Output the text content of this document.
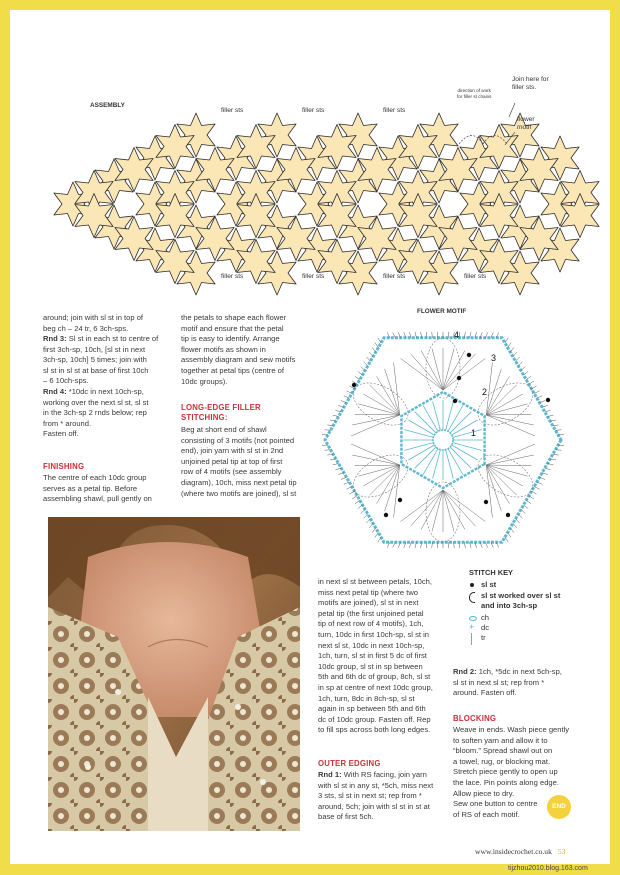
ASSEMBLY
direction of work
for filler st chains
Join here for
filler sts.
flower
motif
filler sts	filler sts	filler sts
filler sts	filler sts	filler sts	filler sts
around; join with sl st in top of
beg ch – 24 tr, 6 3ch-sps.
Rnd 3: Sl st in each st to centre of
first 3ch-sp, 10ch, [sl st in next
3ch-sp, 10ch] 5 times; join with
sl st in sl st at base of first 10ch
– 6 10ch-sps.
Rnd 4: *10dc in next 10ch-sp,
working over the next sl st, sl st
in the 3ch-sp 2 rnds below; rep
from * around.
Fasten off.
FINISHING
The centre of each 10dc group
serves as a petal tip. Before
assembling shawl, pull gently on
the petals to shape each flower
motif and ensure that the petal
tip is easy to identify. Arrange
flower motifs as shown in
assembly diagram and sew motifs
together at petal tips (centre of
10dc groups).
LONG-EDGE FILLER
STITCHING:
Beg at short end of shawl
consisting of 3 motifs (not pointed
end), join yarn with sl st in 2nd
unjoined petal tip at top of first
row of 4 motifs (see assembly
diagram), 10ch, miss next petal tip
(where two motifs are joined), sl st
in next sl st between petals, 10ch,
miss next petal tip (where two
motifs are joined), sl st in next
petal tip (the first unjoined petal
tip of next row of 4 motifs), 1ch,
turn, 10dc in first 10ch-sp, sl st in
next sl st, 10dc in next 10ch-sp,
1ch, turn, sl st in first 5 dc of first
10dc group, sl st in sp between
5th and 6th dc of group, 8ch, sl st
in sp at centre of next 10dc group,
1ch, turn, 8dc in 8ch-sp, sl st
again in sp between 5th and 6th
dc of 10dc group. Fasten off. Rep
to fill sps across both long edges.
OUTER EDGING
Rnd 1: With RS facing, join yarn
with sl st in any st, *5ch, miss next
3 sts, sl st in next st; rep from *
around, 5ch; join with sl st in st at
base of first 5ch.
FLOWER MOTIF
1
2
3
4
STITCH KEY
sl st
sl st worked over sl st
and into 3ch-sp
ch
+ dc
tr
Rnd 2: 1ch, *5dc in next 5ch-sp,
sl st in next sl st; rep from *
around. Fasten off.
BLOCKING
Weave in ends. Wash piece gently
to soften yarn and allow it to
“bloom.” Spread shawl out on
a towel, rug, or blocking mat.
Stretch piece gently to open up
the lace. Pin points along edge.
Allow piece to dry.
Sew one button to centre
of RS of each motif.
END
www.insidecrochet.co.uk 53
tijzhou2010.blog.163.com
